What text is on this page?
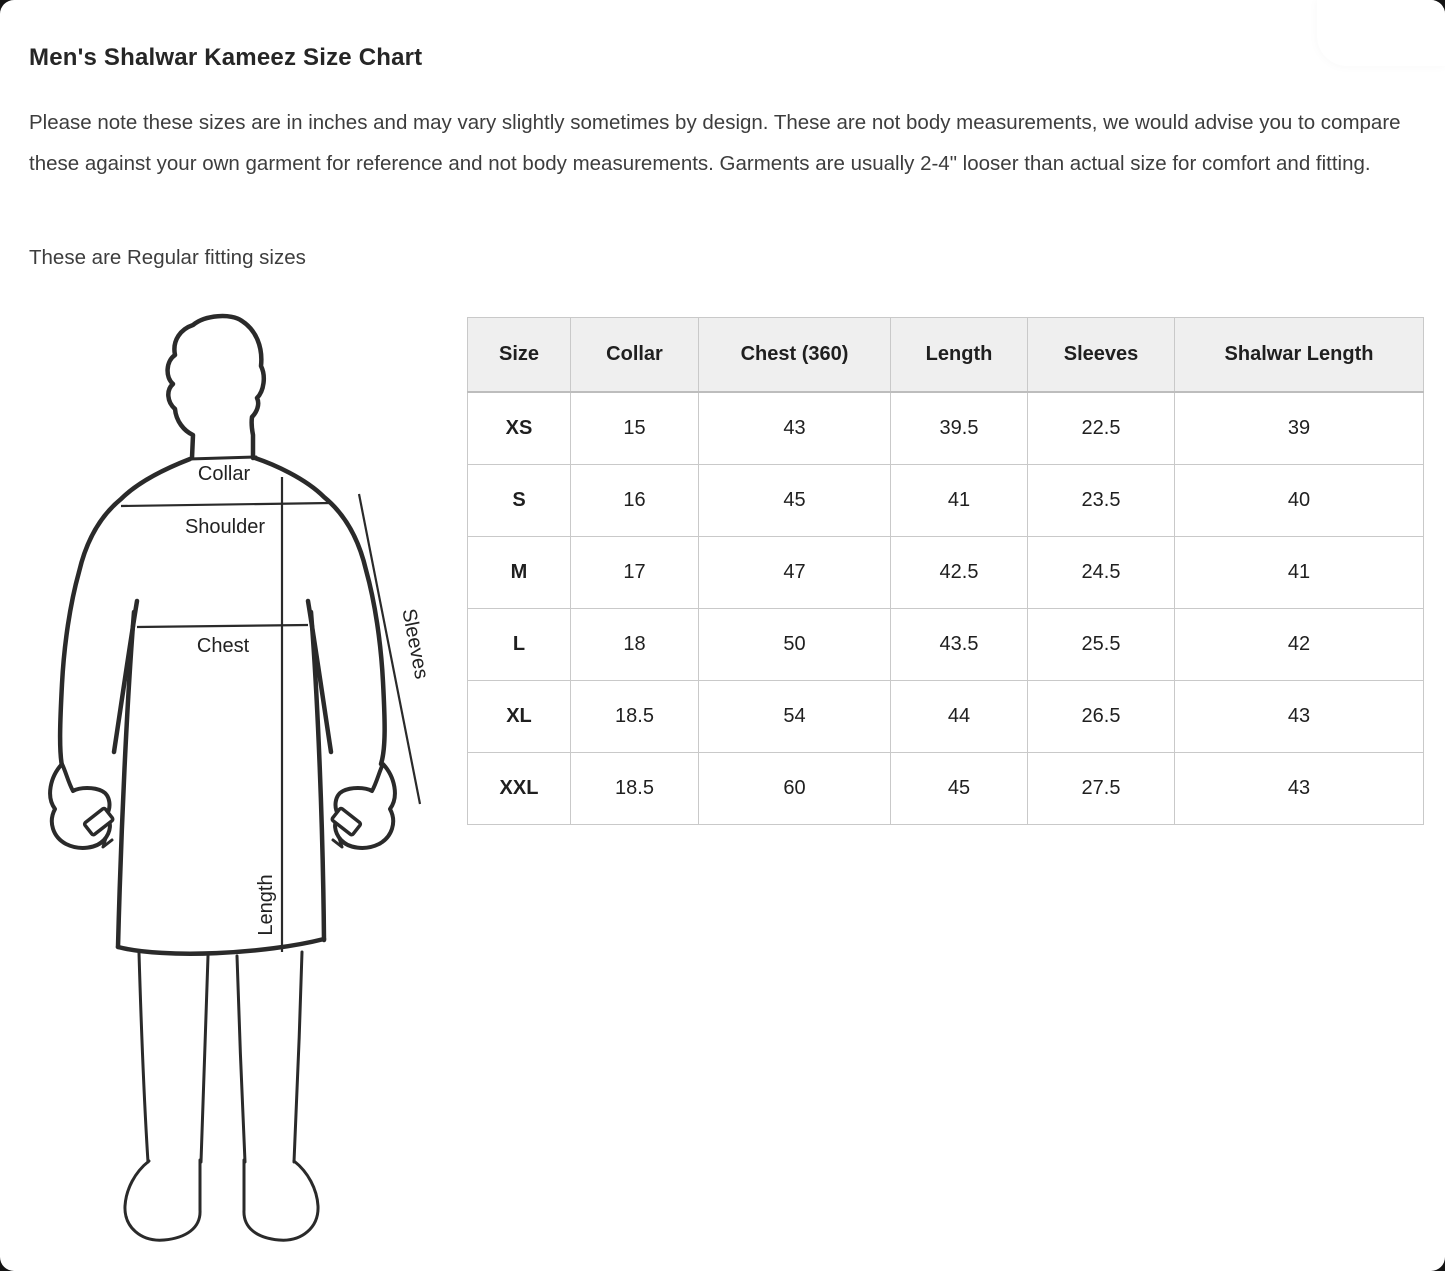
Men's Shalwar Kameez Size Chart

Please note these sizes are in inches and may vary slightly sometimes by design. These are not body measurements, we would advise you to compare these against your own garment for reference and not body measurements. Garments are usually 2-4" looser than actual size for comfort and fitting.

These are Regular fitting sizes

Collar
Shoulder
Chest	Sleeves
Length
Size	Collar	Chest (360)	Length	Sleeves	Shalwar Length
XS	15	43	39.5	22.5	39
S	16	45	41	23.5	40
M	17	47	42.5	24.5	41
L	18	50	43.5	25.5	42
XL	18.5	54	44	26.5	43
XXL	18.5	60	45	27.5	43
